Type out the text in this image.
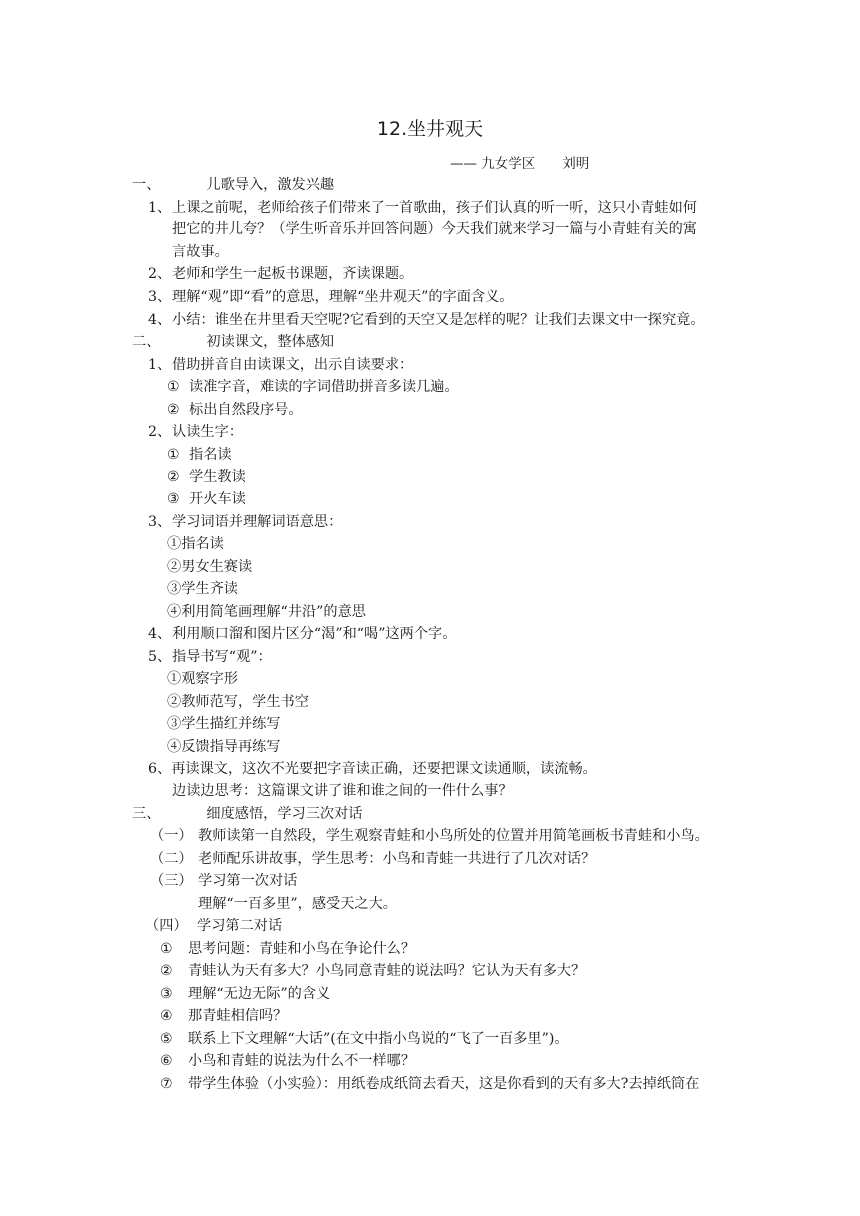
12.坐井观天
—— 九女学区　　刘明
一、	儿歌导入，激发兴趣
1、上课之前呢，老师给孩子们带来了一首歌曲，孩子们认真的听一听，这只小青蛙如何
把它的井儿夸？（学生听音乐并回答问题）今天我们就来学习一篇与小青蛙有关的寓
言故事。
2、老师和学生一起板书课题，齐读课题。
3、理解“观”即“看”的意思，理解“坐井观天”的字面含义。
4、小结：谁坐在井里看天空呢?它看到的天空又是怎样的呢？让我们去课文中一探究竟。
二、	初读课文，整体感知
1、借助拼音自由读课文，出示自读要求：
① 读准字音，难读的字词借助拼音多读几遍。
② 标出自然段序号。
2、认读生字：
① 指名读
② 学生教读
③ 开火车读
3、学习词语并理解词语意思：
①指名读
②男女生赛读
③学生齐读
④利用简笔画理解“井沿”的意思
4、利用顺口溜和图片区分“渴”和“喝”这两个字。
5、指导书写“观”：
①观察字形
②教师范写，学生书空
③学生描红并练写
④反馈指导再练写
6、再读课文，这次不光要把字音读正确，还要把课文读通顺，读流畅。
边读边思考：这篇课文讲了谁和谁之间的一件什么事？
三、	细度感悟，学习三次对话
（一） 教师读第一自然段，学生观察青蛙和小鸟所处的位置并用简笔画板书青蛙和小鸟。
（二） 老师配乐讲故事，学生思考：小鸟和青蛙一共进行了几次对话？
（三） 学习第一次对话
理解“一百多里”，感受天之大。
（四） 学习第二对话
① 思考问题：青蛙和小鸟在争论什么？
② 青蛙认为天有多大？小鸟同意青蛙的说法吗？它认为天有多大？
③ 理解“无边无际”的含义
④ 那青蛙相信吗？
⑤ 联系上下文理解“大话”(在文中指小鸟说的“飞了一百多里”)。
⑥ 小鸟和青蛙的说法为什么不一样哪？
⑦ 带学生体验（小实验）：用纸卷成纸筒去看天，这是你看到的天有多大?去掉纸筒在
